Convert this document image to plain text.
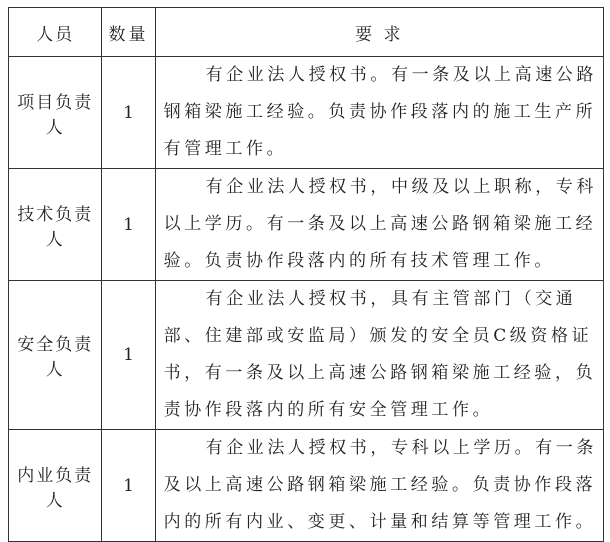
人员	数量	要 求
项目负责人	1	有企业法人授权书。有一条及以上高速公路
钢箱梁施工经验。负责协作段落内的施工生产所
有管理工作。

技术负责人	1	有企业法人授权书，中级及以上职称，专科
以上学历。有一条及以上高速公路钢箱梁施工经
验。负责协作段落内的所有技术管理工作。

安全负责人	1	有企业法人授权书，具有主管部门（交通
部、住建部或安监局）颁发的安全员C级资格证
书，有一条及以上高速公路钢箱梁施工经验，负
责协作段落内的所有安全管理工作。

内业负责人	1	有企业法人授权书，专科以上学历。有一条
及以上高速公路钢箱梁施工经验。负责协作段落
内的所有内业、变更、计量和结算等管理工作。
